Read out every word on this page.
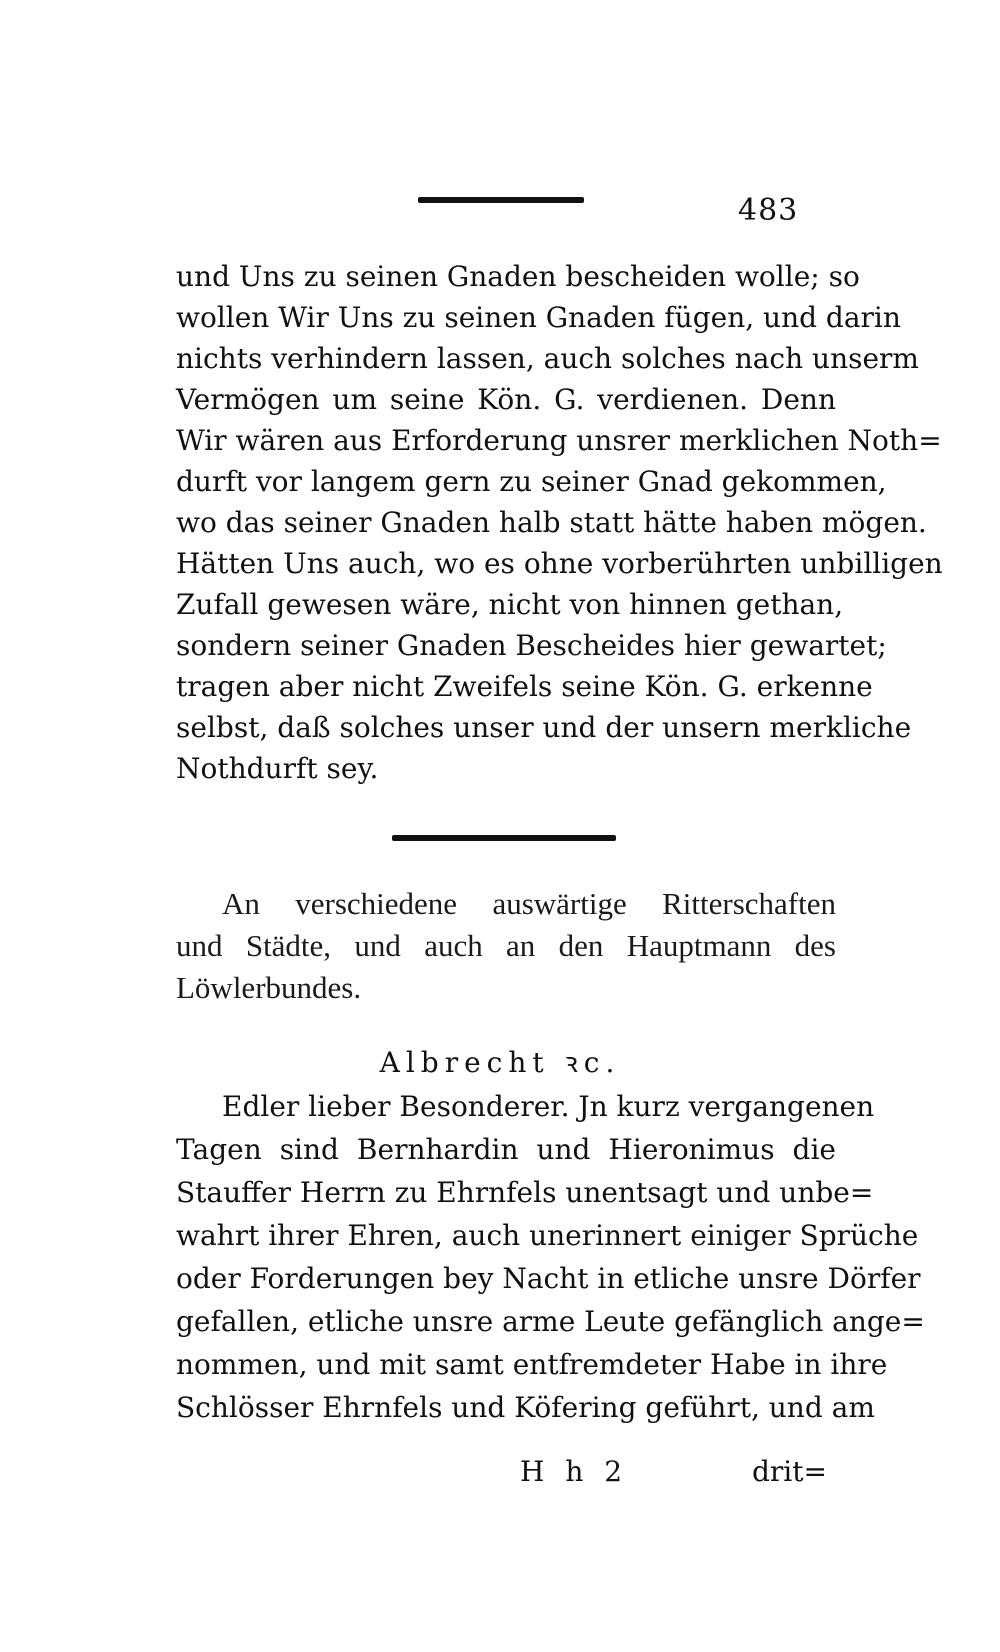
483
und Uns zu seinen Gnaden bescheiden wolle; so
wollen Wir Uns zu seinen Gnaden fügen, und darin
nichts verhindern lassen, auch solches nach unserm
Vermögen um seine Kön. G. verdienen. Denn
Wir wären aus Erforderung unsrer merklichen Noth=
durft vor langem gern zu seiner Gnad gekommen,
wo das seiner Gnaden halb statt hätte haben mögen.
Hätten Uns auch, wo es ohne vorberührten unbilligen
Zufall gewesen wäre, nicht von hinnen gethan,
sondern seiner Gnaden Bescheides hier gewartet;
tragen aber nicht Zweifels seine Kön. G. erkenne
selbst, daß solches unser und der unsern merkliche
Nothdurft sey.
An verschiedene auswärtige Ritterschaften
und Städte, und auch an den Hauptmann des
Löwlerbundes.
Albrecht ꝛc.
Edler lieber Besonderer. Jn kurz vergangenen
Tagen sind Bernhardin und Hieronimus die
Stauffer Herrn zu Ehrnfels unentsagt und unbe=
wahrt ihrer Ehren, auch unerinnert einiger Sprüche
oder Forderungen bey Nacht in etliche unsre Dörfer
gefallen, etliche unsre arme Leute gefänglich ange=
nommen, und mit samt entfremdeter Habe in ihre
Schlösser Ehrnfels und Köfering geführt, und am
H h 2	drit=
